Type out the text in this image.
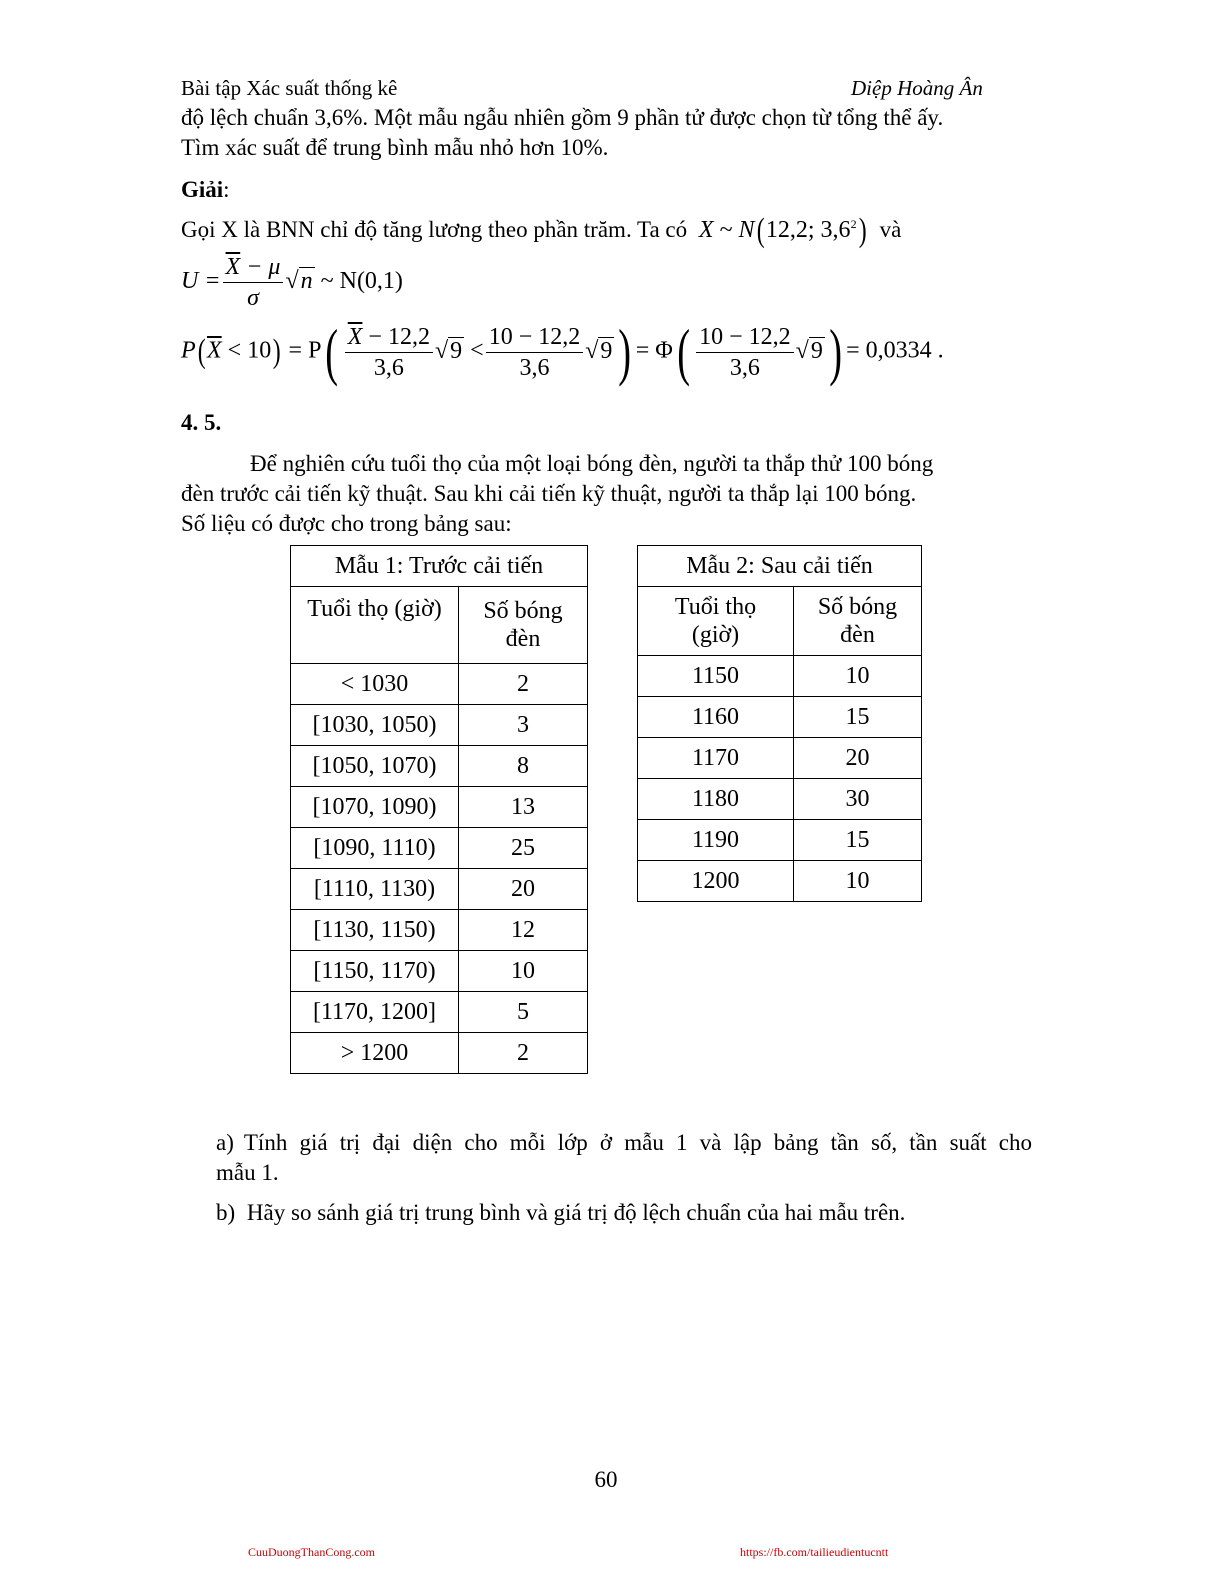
Bài tập Xác suất thống kê	Diệp Hoàng Ân
độ lệch chuẩn 3,6%. Một mẫu ngẫu nhiên gồm 9 phần tử được chọn từ tổng thể ấy.
Tìm xác suất để trung bình mẫu nhỏ hơn 10%.
Giải:
Gọi X là BNN chỉ độ tăng lương theo phần trăm. Ta có X ~ N(12,2; $3,6^2$) và
$U = \frac{\overline{X} - \mu}{\sigma} √n$ ~ N(0,1)
$P(\overline{X} < 10) = P( \frac{\overline{X} - 12,2}{3,6} √9 < \frac{10 - 12,2}{3,6} √9) = \Phi( \frac{10 - 12,2}{3,6} √9) = 0,0334$ .
4. 5.
Để nghiên cứu tuổi thọ của một loại bóng đèn, người ta thắp thử 100 bóng
đèn trước cải tiến kỹ thuật. Sau khi cải tiến kỹ thuật, người ta thắp lại 100 bóng.
Số liệu có được cho trong bảng sau:
Mẫu 1: Trước cải tiến	
Tuổi thọ (giờ)	Số bóng
đèn
< 1030	2
[1030, 1050)	3
[1050, 1070)	8
[1070, 1090)	13
[1090, 1110)	25
[1110, 1130)	20
[1130, 1150)	12
[1150, 1170)	10
[1170, 1200]	5
> 1200	2
Mẫu 2: Sau cải tiến	
Tuổi thọ
(giờ)	Số bóng
đèn
1150	10
1160	15
1170	20
1180	30
1190	15
1200	10
a) Tính giá trị đại diện cho mỗi lớp ở mẫu 1 và lập bảng tần số, tần suất cho
mẫu 1.
b) Hãy so sánh giá trị trung bình và giá trị độ lệch chuẩn của hai mẫu trên.
60
CuuDuongThanCong.com	https://fb.com/tailieudientucntt
